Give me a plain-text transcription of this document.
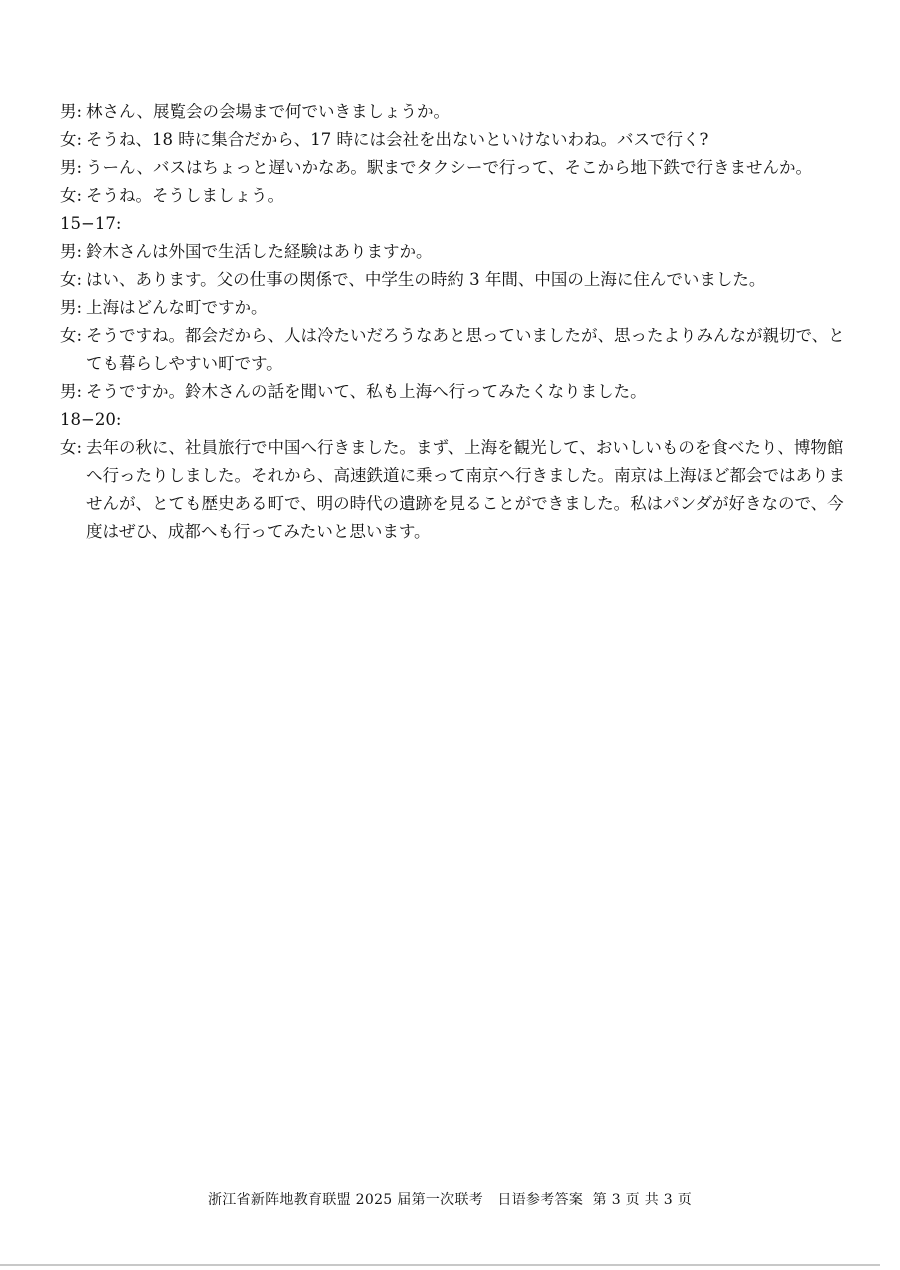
男: 林さん、展覧会の会場まで何でいきましょうか。
女: そうね、18 時に集合だから、17 時には会社を出ないといけないわね。バスで行く?
男: うーん、バスはちょっと遅いかなあ。駅までタクシーで行って、そこから地下鉄で行きませんか。
女: そうね。そうしましょう。
15−17:
男: 鈴木さんは外国で生活した経験はありますか。
女: はい、あります。父の仕事の関係で、中学生の時約 3 年間、中国の上海に住んでいました。
男: 上海はどんな町ですか。
女: そうですね。都会だから、人は冷たいだろうなあと思っていましたが、思ったよりみんなが親切で、とても暮らしやすい町です。
男: そうですか。鈴木さんの話を聞いて、私も上海へ行ってみたくなりました。
18−20:
女: 去年の秋に、社員旅行で中国へ行きました。まず、上海を観光して、おいしいものを食べたり、博物館へ行ったりしました。それから、高速鉄道に乗って南京へ行きました。南京は上海ほど都会ではありませんが、とても歴史ある町で、明の時代の遺跡を見ることができました。私はパンダが好きなので、今度はぜひ、成都へも行ってみたいと思います。
浙江省新阵地教育联盟 2025 届第一次联考 日语参考答案 第 3 页 共 3 页
